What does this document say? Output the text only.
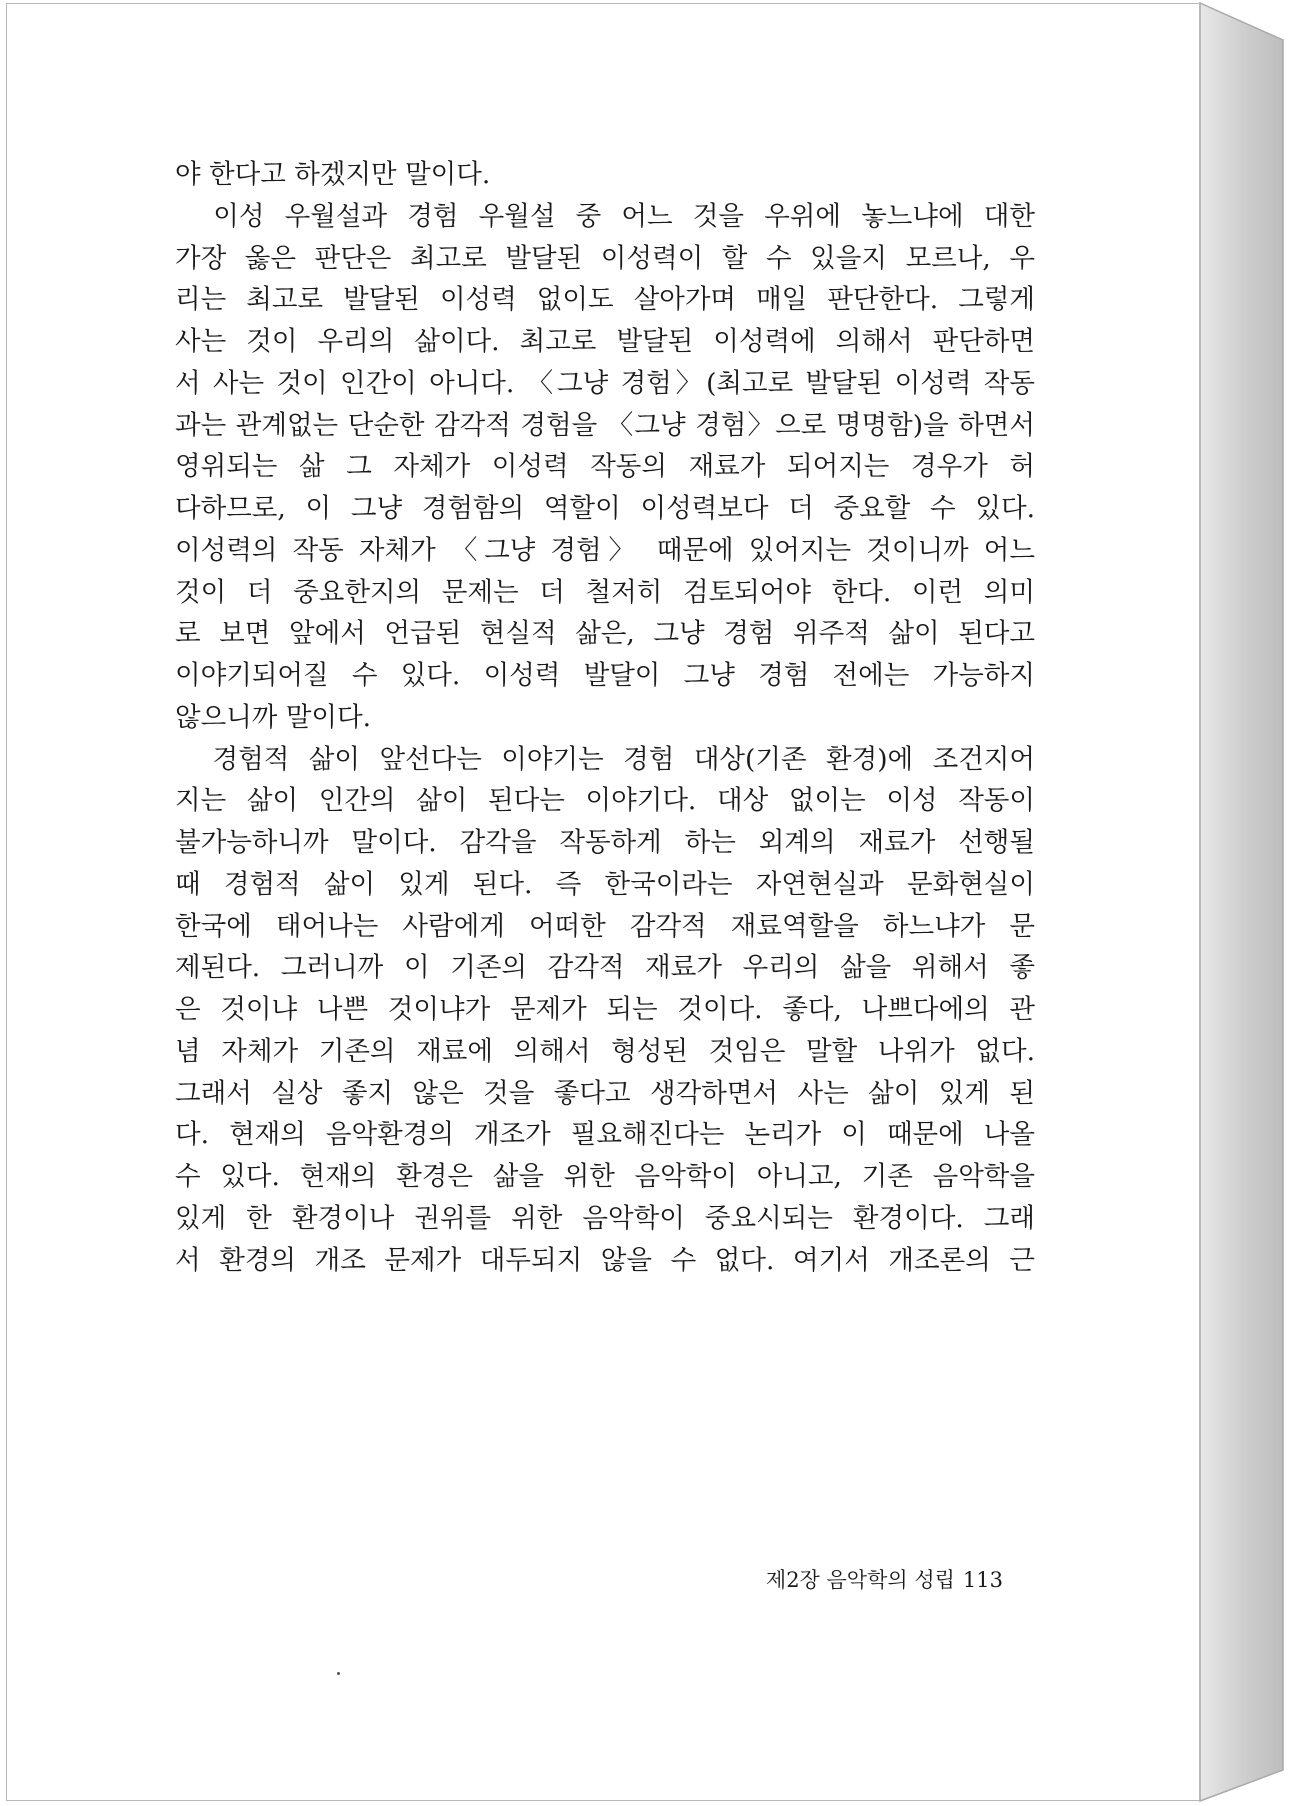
야 한다고 하겠지만 말이다.
　이성 우월설과 경험 우월설 중 어느 것을 우위에 놓느냐에 대한
가장 옳은 판단은 최고로 발달된 이성력이 할 수 있을지 모르나, 우
리는 최고로 발달된 이성력 없이도 살아가며 매일 판단한다. 그렇게
사는 것이 우리의 삶이다. 최고로 발달된 이성력에 의해서 판단하면
서 사는 것이 인간이 아니다. 〈그냥 경험〉(최고로 발달된 이성력 작동
과는 관계없는 단순한 감각적 경험을 〈그냥 경험〉으로 명명함)을 하면서
영위되는 삶 그 자체가 이성력 작동의 재료가 되어지는 경우가 허
다하므로, 이 그냥 경험함의 역할이 이성력보다 더 중요할 수 있다.
이성력의 작동 자체가 〈그냥 경험〉 때문에 있어지는 것이니까 어느
것이 더 중요한지의 문제는 더 철저히 검토되어야 한다. 이런 의미
로 보면 앞에서 언급된 현실적 삶은, 그냥 경험 위주적 삶이 된다고
이야기되어질 수 있다. 이성력 발달이 그냥 경험 전에는 가능하지
않으니까 말이다.
　경험적 삶이 앞선다는 이야기는 경험 대상(기존 환경)에 조건지어
지는 삶이 인간의 삶이 된다는 이야기다. 대상 없이는 이성 작동이
불가능하니까 말이다. 감각을 작동하게 하는 외계의 재료가 선행될
때 경험적 삶이 있게 된다. 즉 한국이라는 자연현실과 문화현실이
한국에 태어나는 사람에게 어떠한 감각적 재료역할을 하느냐가 문
제된다. 그러니까 이 기존의 감각적 재료가 우리의 삶을 위해서 좋
은 것이냐 나쁜 것이냐가 문제가 되는 것이다. 좋다, 나쁘다에의 관
념 자체가 기존의 재료에 의해서 형성된 것임은 말할 나위가 없다.
그래서 실상 좋지 않은 것을 좋다고 생각하면서 사는 삶이 있게 된
다. 현재의 음악환경의 개조가 필요해진다는 논리가 이 때문에 나올
수 있다. 현재의 환경은 삶을 위한 음악학이 아니고, 기존 음악학을
있게 한 환경이나 권위를 위한 음악학이 중요시되는 환경이다. 그래
서 환경의 개조 문제가 대두되지 않을 수 없다. 여기서 개조론의 근
제2장 음악학의 성립 113
